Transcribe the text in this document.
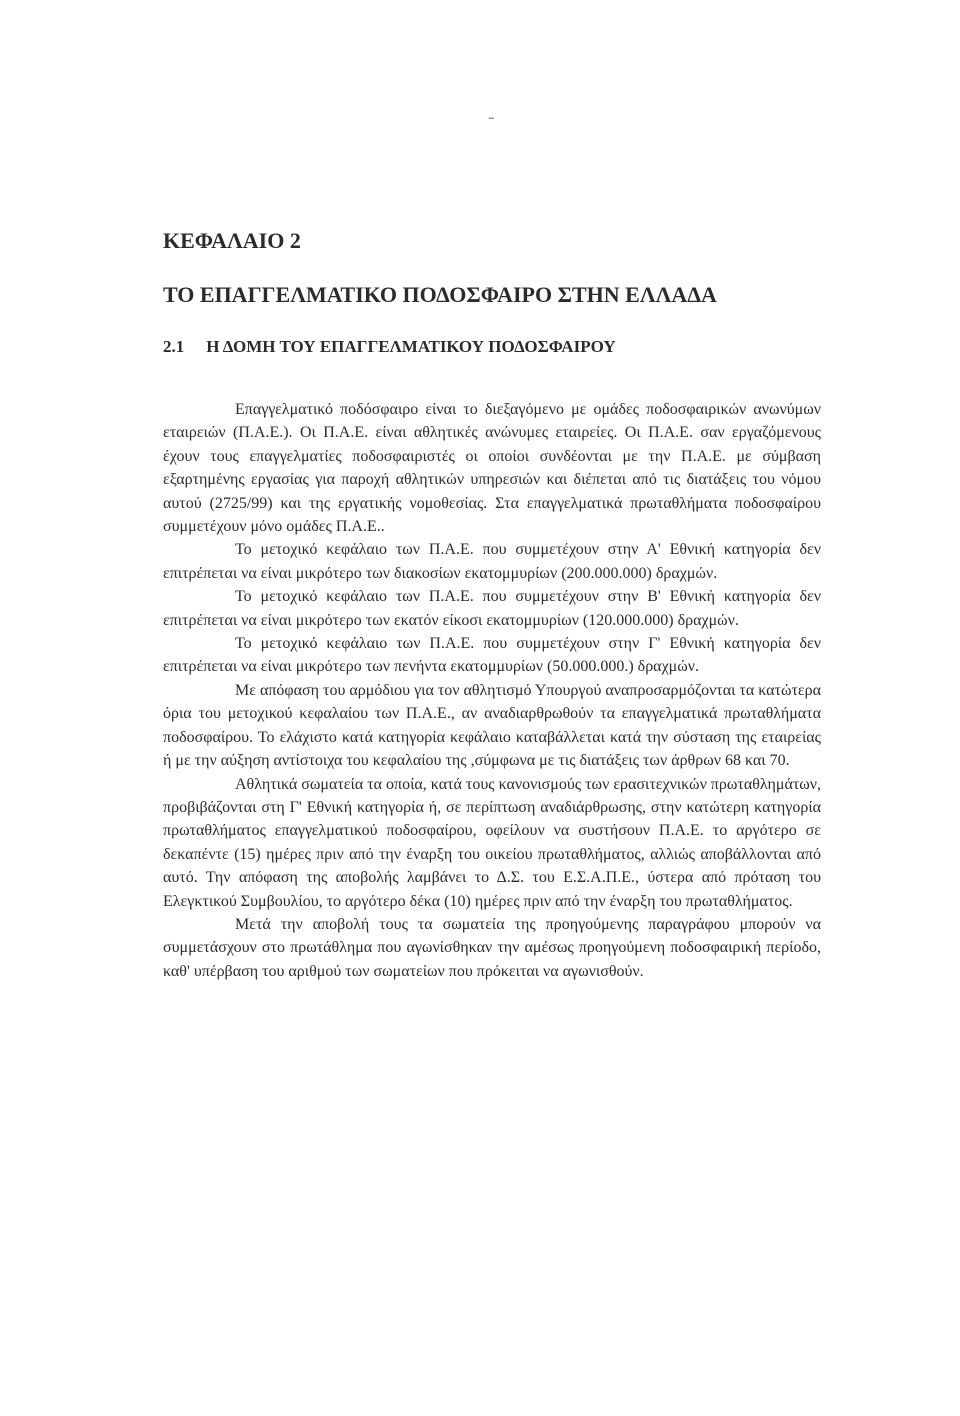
-
ΚΕΦΑΛΑΙΟ 2
ΤΟ ΕΠΑΓΓΕΛΜΑΤΙΚΟ ΠΟΔΟΣΦΑΙΡΟ ΣΤΗΝ ΕΛΛΑΔΑ
2.1 Η ΔΟΜΗ ΤΟΥ ΕΠΑΓΓΕΛΜΑΤΙΚΟΥ ΠΟΔΟΣΦΑΙΡΟΥ

Επαγγελματικό ποδόσφαιρο είναι το διεξαγόμενο με ομάδες ποδοσφαιρικών ανωνύμων εταιρειών (Π.Α.Ε.). Οι Π.Α.Ε. είναι αθλητικές ανώνυμες εταιρείες. Οι Π.Α.Ε. σαν εργαζόμενους έχουν τους επαγγελματίες ποδοσφαιριστές οι οποίοι συνδέονται με την Π.Α.Ε. με σύμβαση εξαρτημένης εργασίας για παροχή αθλητικών υπηρεσιών και διέπεται από τις διατάξεις του νόμου αυτού (2725/99) και της εργατικής νομοθεσίας. Στα επαγγελματικά πρωταθλήματα ποδοσφαίρου συμμετέχουν μόνο ομάδες Π.Α.Ε..

Το μετοχικό κεφάλαιο των Π.Α.Ε. που συμμετέχουν στην Α' Εθνική κατηγορία δεν επιτρέπεται να είναι μικρότερο των διακοσίων εκατομμυρίων (200.000.000) δραχμών.

Το μετοχικό κεφάλαιο των Π.Α.Ε. που συμμετέχουν στην Β' Εθνική κατηγορία δεν επιτρέπεται να είναι μικρότερο των εκατόν είκοσι εκατομμυρίων (120.000.000) δραχμών.

Το μετοχικό κεφάλαιο των Π.Α.Ε. που συμμετέχουν στην Γ' Εθνική κατηγορία δεν επιτρέπεται να είναι μικρότερο των πενήντα εκατομμυρίων (50.000.000.) δραχμών.

Με απόφαση του αρμόδιου για τον αθλητισμό Υπουργού αναπροσαρμόζονται τα κατώτερα όρια του μετοχικού κεφαλαίου των Π.Α.Ε., αν αναδιαρθρωθούν τα επαγγελματικά πρωταθλήματα ποδοσφαίρου. Το ελάχιστο κατά κατηγορία κεφάλαιο καταβάλλεται κατά την σύσταση της εταιρείας ή με την αύξηση αντίστοιχα του κεφαλαίου της ,σύμφωνα με τις διατάξεις των άρθρων 68 και 70.

Αθλητικά σωματεία τα οποία, κατά τους κανονισμούς των ερασιτεχνικών πρωταθλημάτων, προβιβάζονται στη Γ' Εθνική κατηγορία ή, σε περίπτωση αναδιάρθρωσης, στην κατώτερη κατηγορία πρωταθλήματος επαγγελματικού ποδοσφαίρου, οφείλουν να συστήσουν Π.Α.Ε. το αργότερο σε δεκαπέντε (15) ημέρες πριν από την έναρξη του οικείου πρωταθλήματος, αλλιώς αποβάλλονται από αυτό. Την απόφαση της αποβολής λαμβάνει το Δ.Σ. του Ε.Σ.Α.Π.Ε., ύστερα από πρόταση του Ελεγκτικού Συμβουλίου, το αργότερο δέκα (10) ημέρες πριν από την έναρξη του πρωταθλήματος.

Μετά την αποβολή τους τα σωματεία της προηγούμενης παραγράφου μπορούν να συμμετάσχουν στο πρωτάθλημα που αγωνίσθηκαν την αμέσως προηγούμενη ποδοσφαιρική περίοδο, καθ' υπέρβαση του αριθμού των σωματείων που πρόκειται να αγωνισθούν.
